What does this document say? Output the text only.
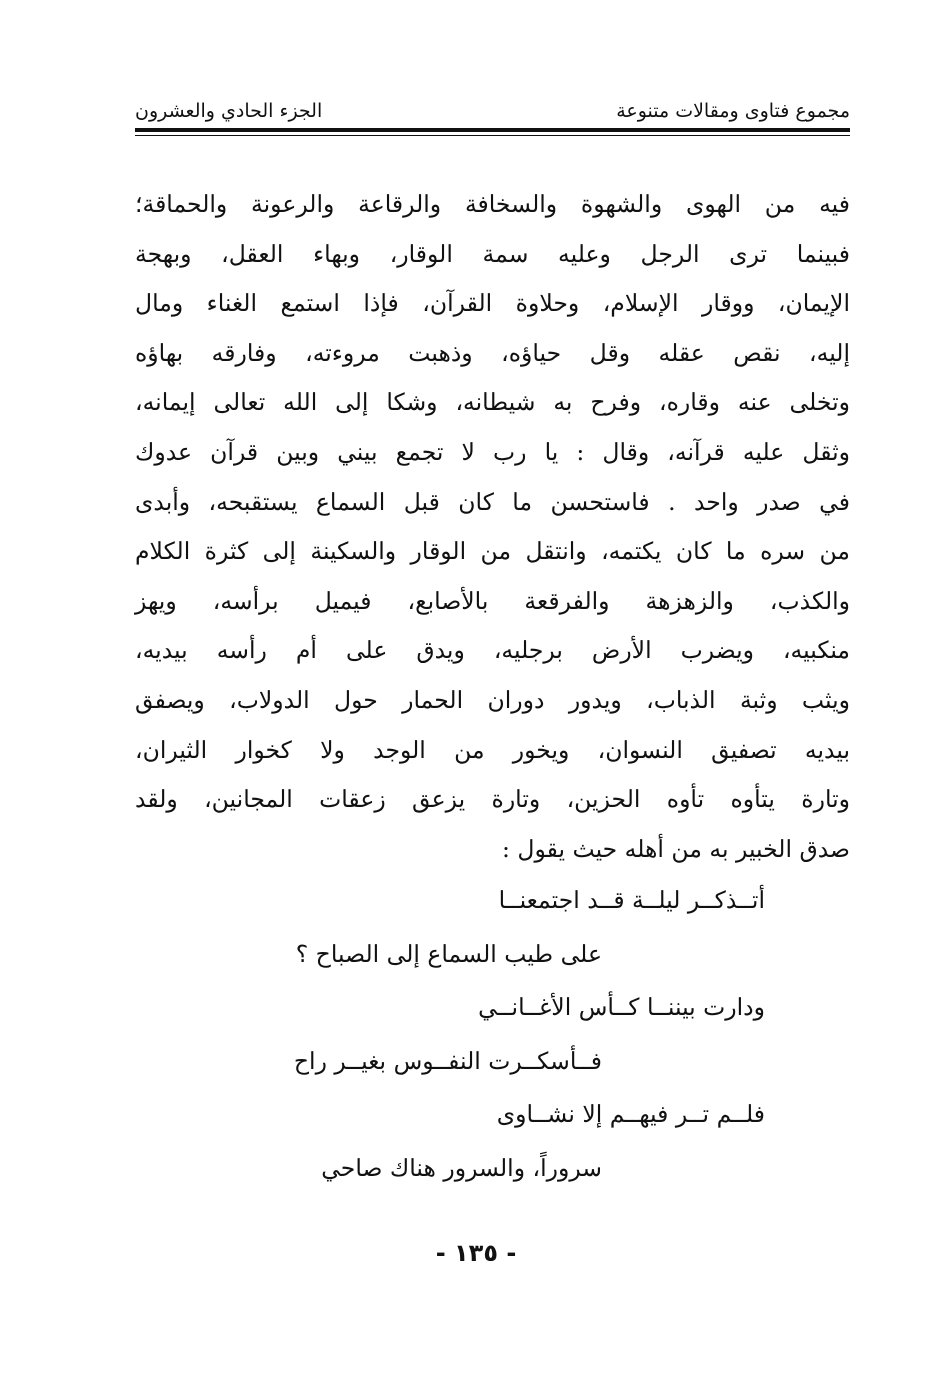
مجموع فتاوى ومقالات متنوعة
الجزء الحادي والعشرون
فيه من الهوى والشهوة والسخافة والرقاعة والرعونة والحماقة؛
فبينما ترى الرجل وعليه سمة الوقار، وبهاء العقل، وبهجة
الإيمان، ووقار الإسلام، وحلاوة القرآن، فإذا استمع الغناء ومال
إليه، نقص عقله وقل حياؤه، وذهبت مروءته، وفارقه بهاؤه
وتخلى عنه وقاره، وفرح به شيطانه، وشكا إلى الله تعالى إيمانه،
وثقل عليه قرآنه، وقال : يا رب لا تجمع بيني وبين قرآن عدوك
في صدر واحد . فاستحسن ما كان قبل السماع يستقبحه، وأبدى
من سره ما كان يكتمه، وانتقل من الوقار والسكينة إلى كثرة الكلام
والكذب، والزهزهة والفرقعة بالأصابع، فيميل برأسه، ويهز
منكبيه، ويضرب الأرض برجليه، ويدق على أم رأسه بيديه،
ويثب وثبة الذباب، ويدور دوران الحمار حول الدولاب، ويصفق
بيديه تصفيق النسوان، ويخور من الوجد ولا كخوار الثيران،
وتارة يتأوه تأوه الحزين، وتارة يزعق زعقات المجانين، ولقد
صدق الخبير به من أهله حيث يقول :
أتــذكــر ليلــة قــد اجتمعنــا
على طيب السماع إلى الصباح ؟
ودارت بيننــا كــأس الأغــانــي
فــأسكــرت النفــوس بغيــر راح
فلــم تــر فيهــم إلا نشــاوى
سروراً، والسرور هناك صاحي
- ١٣٥ -
